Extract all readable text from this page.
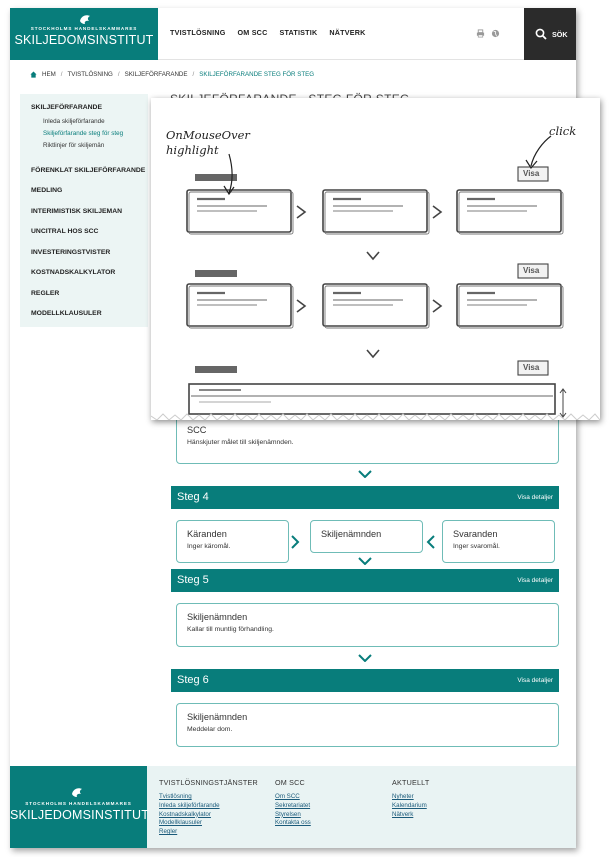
STOCKHOLMS HANDELSKAMMARES
SKILJEDOMSINSTITUT
TVISTLÖSNING OM SCC STATISTIK NÄTVERK	SÖK
HEM / TVISTLÖSNING / SKILJEFÖRFARANDE / SKILJEFÖRFARANDE STEG FÖR STEG
SKILJEFÖRFARANDE
Inleda skiljeförfarande
Skiljeförfarande steg för steg
Riktlinjer för skiljemän
FÖRENKLAT SKILJEFÖRFARANDE
MEDLING
INTERIMISTISK SKILJEMAN
UNCITRAL HOS SCC
INVESTERINGSTVISTER
KOSTNADSKALKYLATOR
REGLER
MODELLKLAUSULER
SCC
Hänskjuter målet till skiljenämnden.
Steg 4	Visa detaljer
Käranden
Inger käromål.
Skiljenämnden	Svaranden
Inger svaromål.
Steg 5	Visa detaljer
Skiljenämnden
Kallar till muntlig förhandling.
Steg 6	Visa detaljer
Skiljenämnden
Meddelar dom.
STOCKHOLMS HANDELSKAMMARES
SKILJEDOMSINSTITUT
TVISTLÖSNINGSTJÄNSTER
Tvistlösning
Inleda skiljeförfarande
Kostnadskalkylator
Modellklausuler
Regler
OM SCC
Om SCC
Sekretariatet
Styrelsen
Kontakta oss
AKTUELLT
Nyheter
Kalendarium
Nätverk
Visa
Visa
Visa
OnMouseOver highlight
click
